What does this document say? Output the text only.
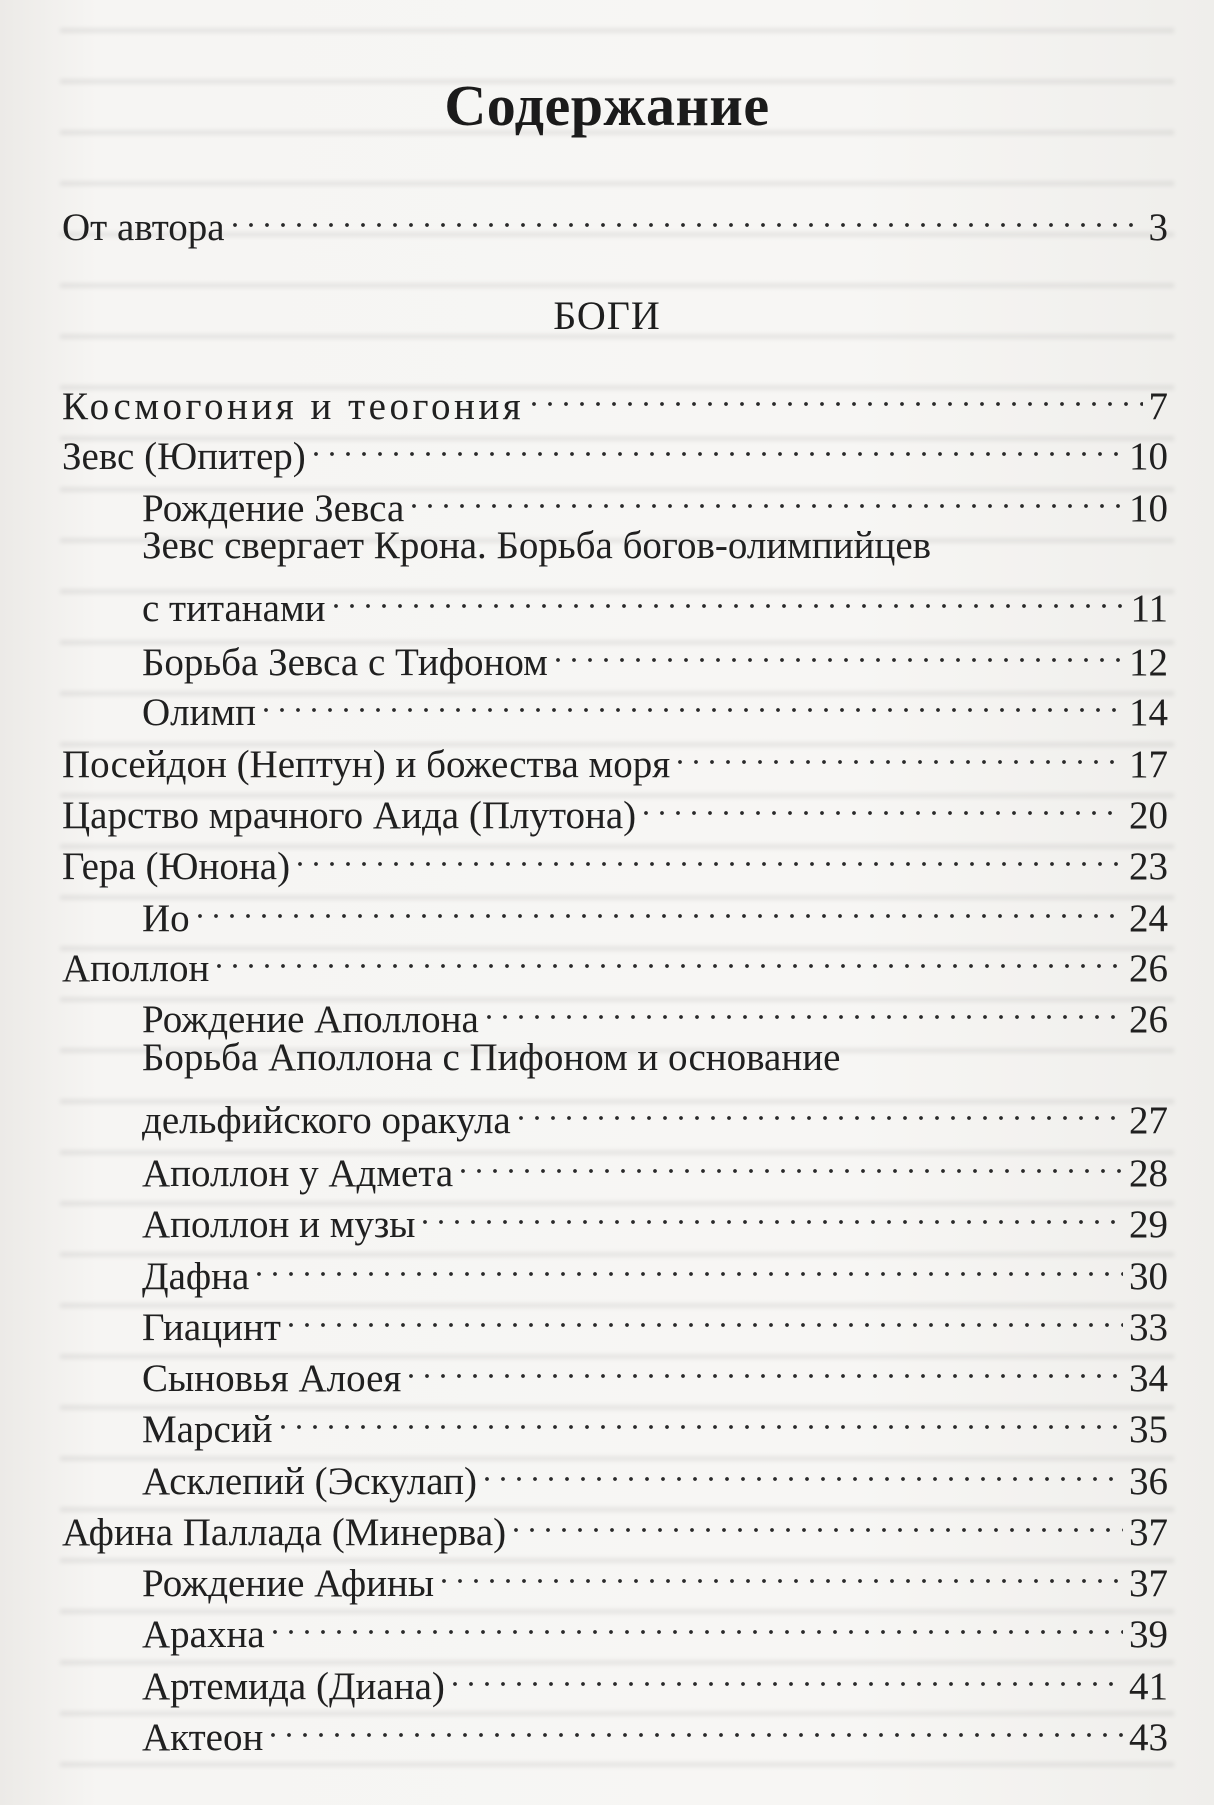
Содержание
БОГИ
От автора	3
Космогония и теогония	7
Зевс (Юпитер)	10
Рождение Зевса	10
Зевс свергает Крона. Борьба богов-олимпийцев
с титанами	11
Борьба Зевса с Тифоном	12
Олимп	14
Посейдон (Нептун) и божества моря	17
Царство мрачного Аида (Плутона)	20
Гера (Юнона)	23
Ио	24
Аполлон	26
Рождение Аполлона	26
Борьба Аполлона с Пифоном и основание
дельфийского оракула	27
Аполлон у Адмета	28
Аполлон и музы	29
Дафна	30
Гиацинт	33
Сыновья Алоея	34
Марсий	35
Асклепий (Эскулап)	36
Афина Паллада (Минерва)	37
Рождение Афины	37
Арахна	39
Артемида (Диана)	41
Актеон	43
